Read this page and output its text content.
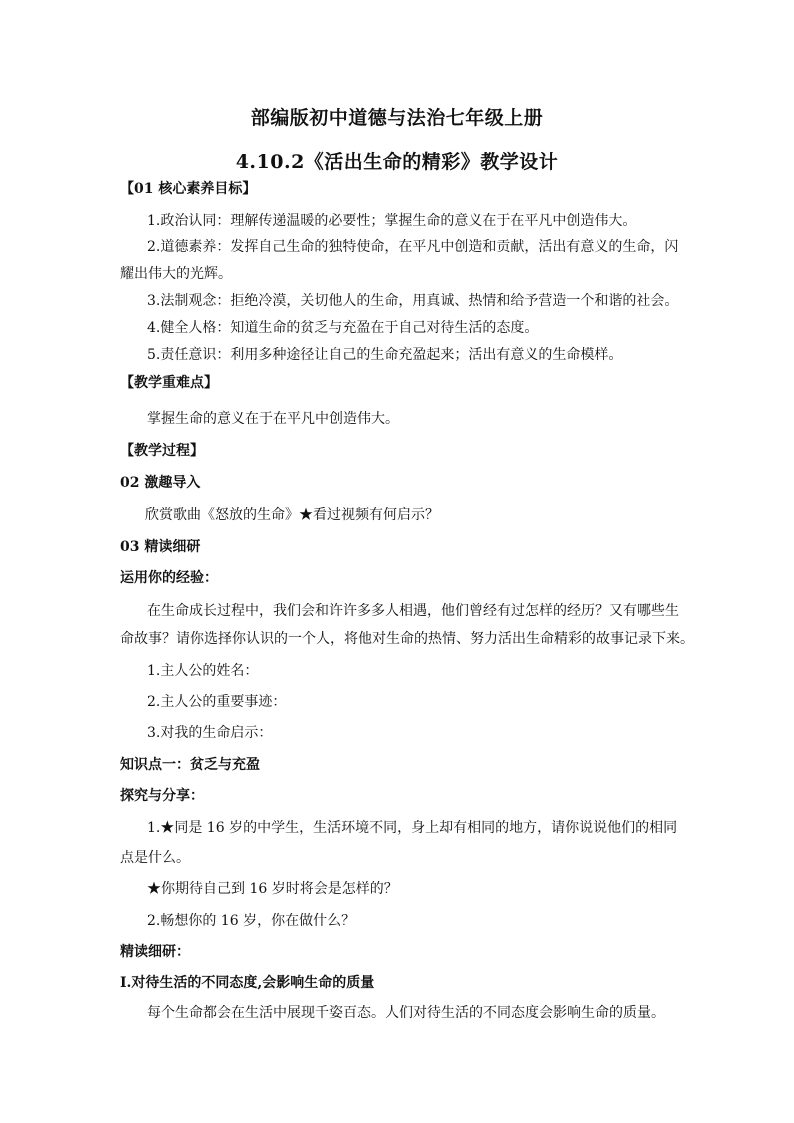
部编版初中道德与法治七年级上册
4.10.2《活出生命的精彩》教学设计
【01 核心素养目标】
1.政治认同：理解传递温暖的必要性；掌握生命的意义在于在平凡中创造伟大。
2.道德素养：发挥自己生命的独特使命，在平凡中创造和贡献，活出有意义的生命，闪
耀出伟大的光辉。
3.法制观念：拒绝冷漠，关切他人的生命，用真诚、热情和给予营造一个和谐的社会。
4.健全人格：知道生命的贫乏与充盈在于自己对待生活的态度。
5.责任意识：利用多种途径让自己的生命充盈起来；活出有意义的生命模样。
【教学重难点】
掌握生命的意义在于在平凡中创造伟大。
【教学过程】
02 激趣导入
欣赏歌曲《怒放的生命》★看过视频有何启示？
03 精读细研
运用你的经验：
在生命成长过程中，我们会和许许多多人相遇，他们曾经有过怎样的经历？又有哪些生
命故事？请你选择你认识的一个人，将他对生命的热情、努力活出生命精彩的故事记录下来。
1.主人公的姓名：
2.主人公的重要事迹：
3.对我的生命启示：
知识点一：贫乏与充盈
探究与分享：
1.★同是 16 岁的中学生，生活环境不同，身上却有相同的地方，请你说说他们的相同
点是什么。
★你期待自己到 16 岁时将会是怎样的？
2.畅想你的 16 岁，你在做什么？
精读细研：
Ⅰ.对待生活的不同态度,会影响生命的质量
每个生命都会在生活中展现千姿百态。人们对待生活的不同态度会影响生命的质量。
